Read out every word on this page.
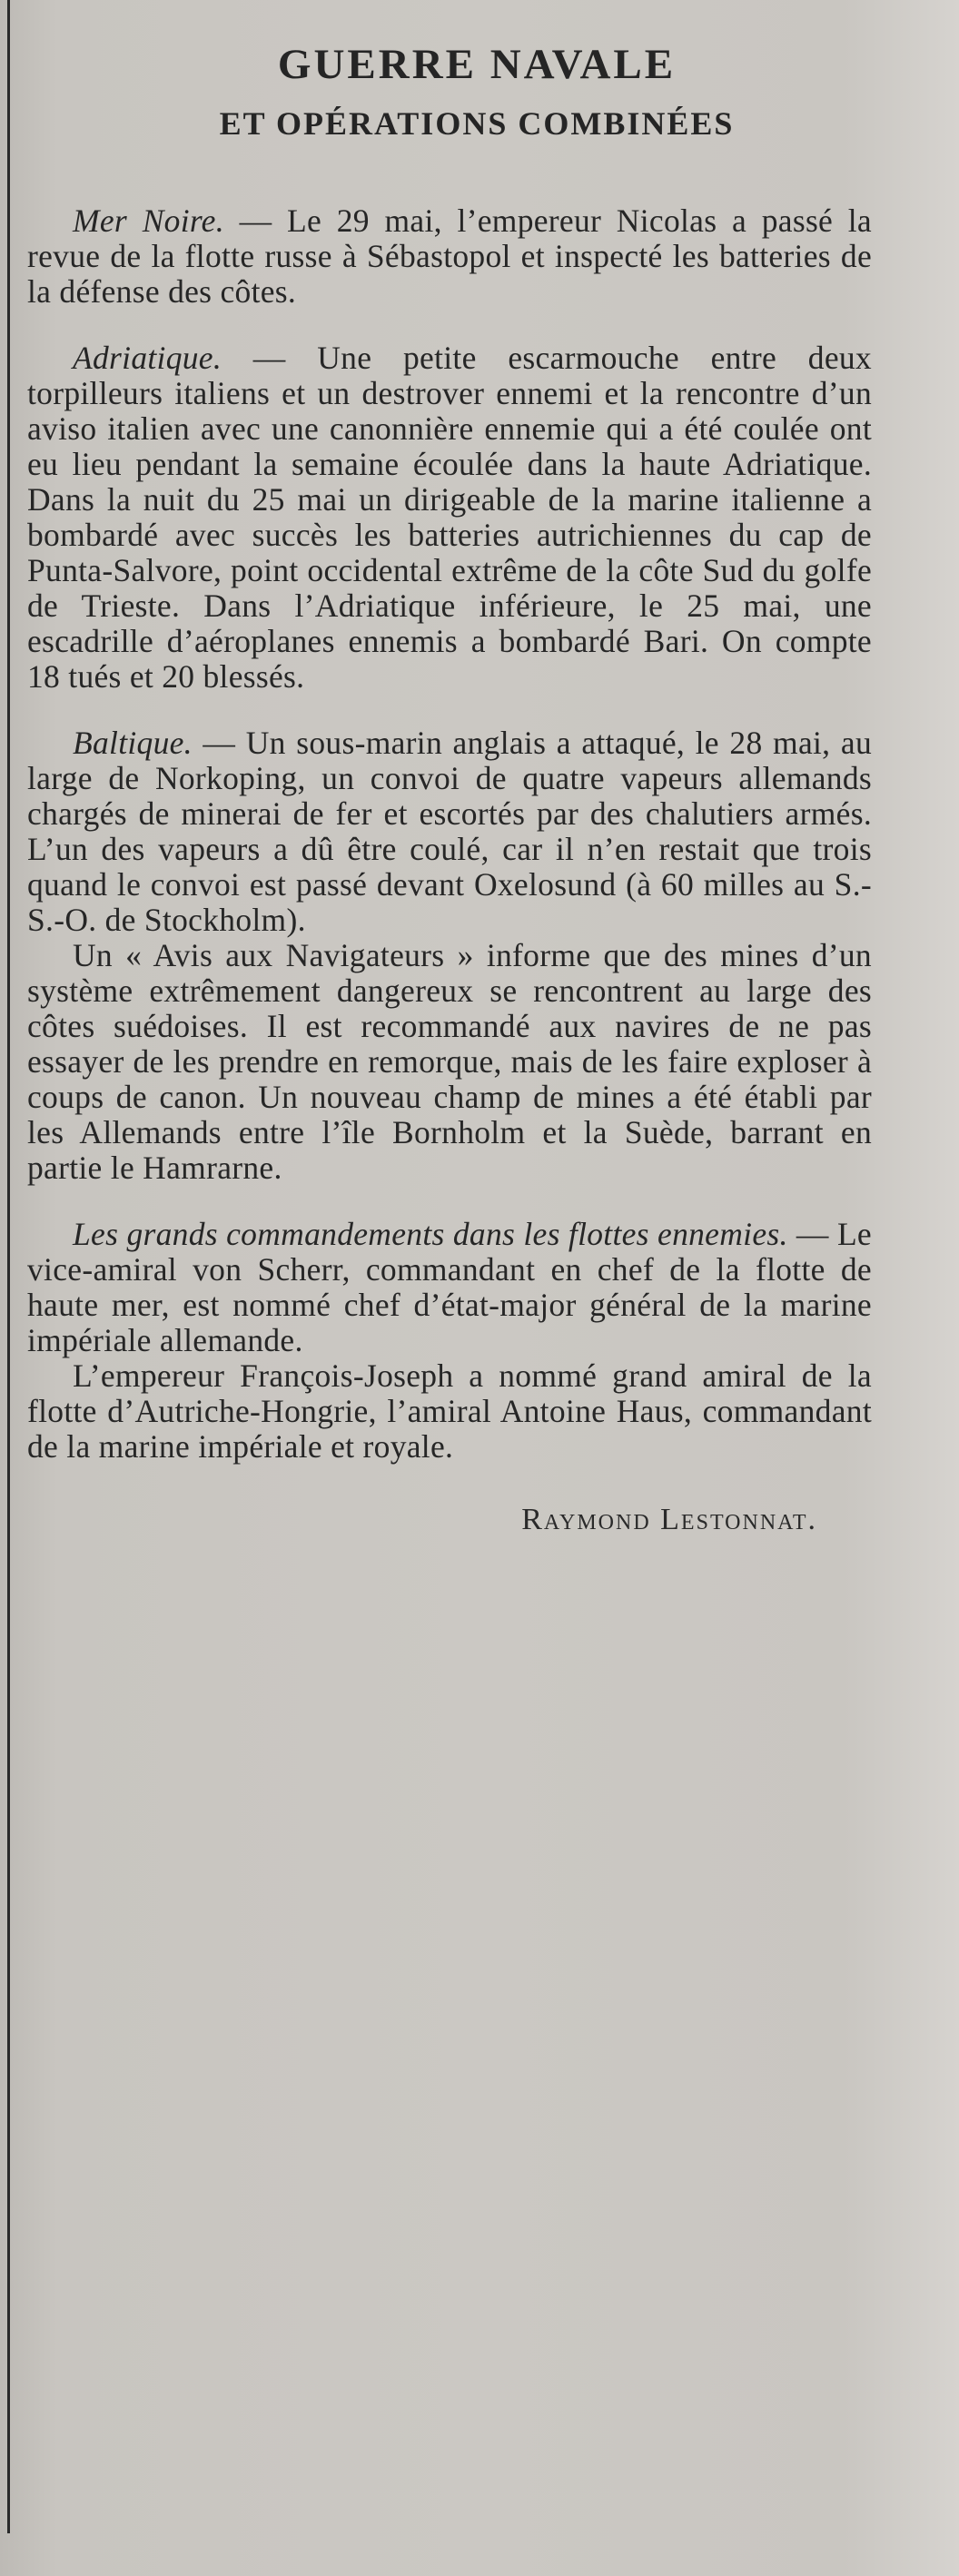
GUERRE NAVALE
ET OPÉRATIONS COMBINÉES

Mer Noire. — Le 29 mai, l’empereur Nicolas a passé la revue de la flotte russe à Sébastopol et inspecté les batteries de la défense des côtes.

Adriatique. — Une petite escarmouche entre deux torpilleurs italiens et un destrover ennemi et la rencontre d’un aviso italien avec une canonnière ennemie qui a été coulée ont eu lieu pendant la semaine écoulée dans la haute Adriatique. Dans la nuit du 25 mai un dirigeable de la marine italienne a bombardé avec succès les batteries autrichiennes du cap de Punta-Salvore, point occidental extrême de la côte Sud du golfe de Trieste. Dans l’Adriatique inférieure, le 25 mai, une escadrille d’aéroplanes ennemis a bombardé Bari. On compte 18 tués et 20 blessés.

Baltique. — Un sous-marin anglais a attaqué, le 28 mai, au large de Norkoping, un convoi de quatre vapeurs allemands chargés de minerai de fer et escortés par des chalutiers armés. L’un des vapeurs a dû être coulé, car il n’en restait que trois quand le convoi est passé devant Oxelosund (à 60 milles au S.-S.-O. de Stockholm).

Un « Avis aux Navigateurs » informe que des mines d’un système extrêmement dangereux se rencontrent au large des côtes suédoises. Il est recommandé aux navires de ne pas essayer de les prendre en remorque, mais de les faire exploser à coups de canon. Un nouveau champ de mines a été établi par les Allemands entre l’île Bornholm et la Suède, barrant en partie le Hamrarne.

Les grands commandements dans les flottes ennemies. — Le vice-amiral von Scherr, commandant en chef de la flotte de haute mer, est nommé chef d’état-major général de la marine impériale allemande.

L’empereur François-Joseph a nommé grand amiral de la flotte d’Autriche-Hongrie, l’amiral Antoine Haus, commandant de la marine impériale et royale.

Raymond Lestonnat.
